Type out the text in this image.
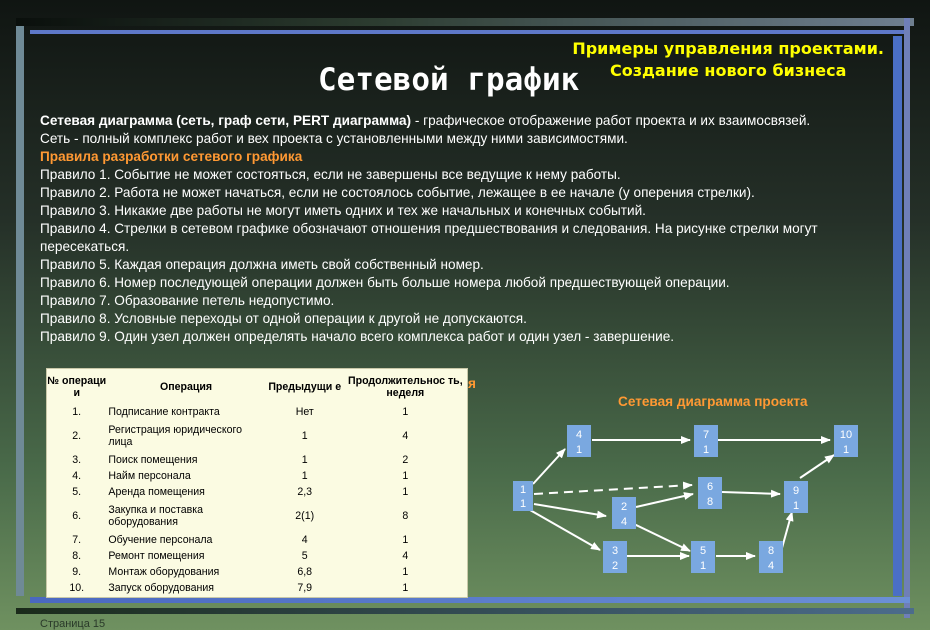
Примеры управления проектами.
Создание нового бизнеса
Сетевой график

Сетевая диаграмма (сеть, граф сети, PERT диаграмма) - графическое отображение работ проекта и их взаимосвязей.

Сеть - полный комплекс работ и вех проекта с установленными между ними зависимостями.

Правила разработки сетевого графика

Правило 1. Событие не может состояться, если не завершены все ведущие к нему работы.

Правило 2. Работа не может начаться, если не состоялось событие, лежащее в ее начале (у оперения стрелки).

Правило 3. Никакие две работы не могут иметь одних и тех же начальных и конечных событий.

Правило 4. Стрелки в сетевом графике обозначают отношения предшествования и следования. На рисунке стрелки могут пересекаться.

Правило 5. Каждая операция должна иметь свой собственный номер.

Правило 6. Номер последующей операции должен быть больше номера любой предшествующей операции.

Правило 7. Образование петель недопустимо.

Правило 8. Условные переходы от одной операции к другой не допускаются.

Правило 9. Один узел должен определять начало всего комплекса работ и один узел - завершение.

я
№ операци и	Операция	Предыдущи е	Продолжительнос ть, неделя
1.	Подписание контракта	Нет	1
2.	Регистрация юридического лица	1	4
3.	Поиск помещения	1	2
4.	Найм персонала	1	1
5.	Аренда помещения	2,3	1
6.	Закупка и поставка оборудования	2(1)	8
7.	Обучение персонала	4	1
8.	Ремонт помещения	5	4
9.	Монтаж оборудования	6,8	1
10.	Запуск оборудования	7,9	1
Сетевая диаграмма проекта
1
1
4
1
2
4
3
2
5
1
6
8
7
1
8
4
9
1
10
1
Страница 15
